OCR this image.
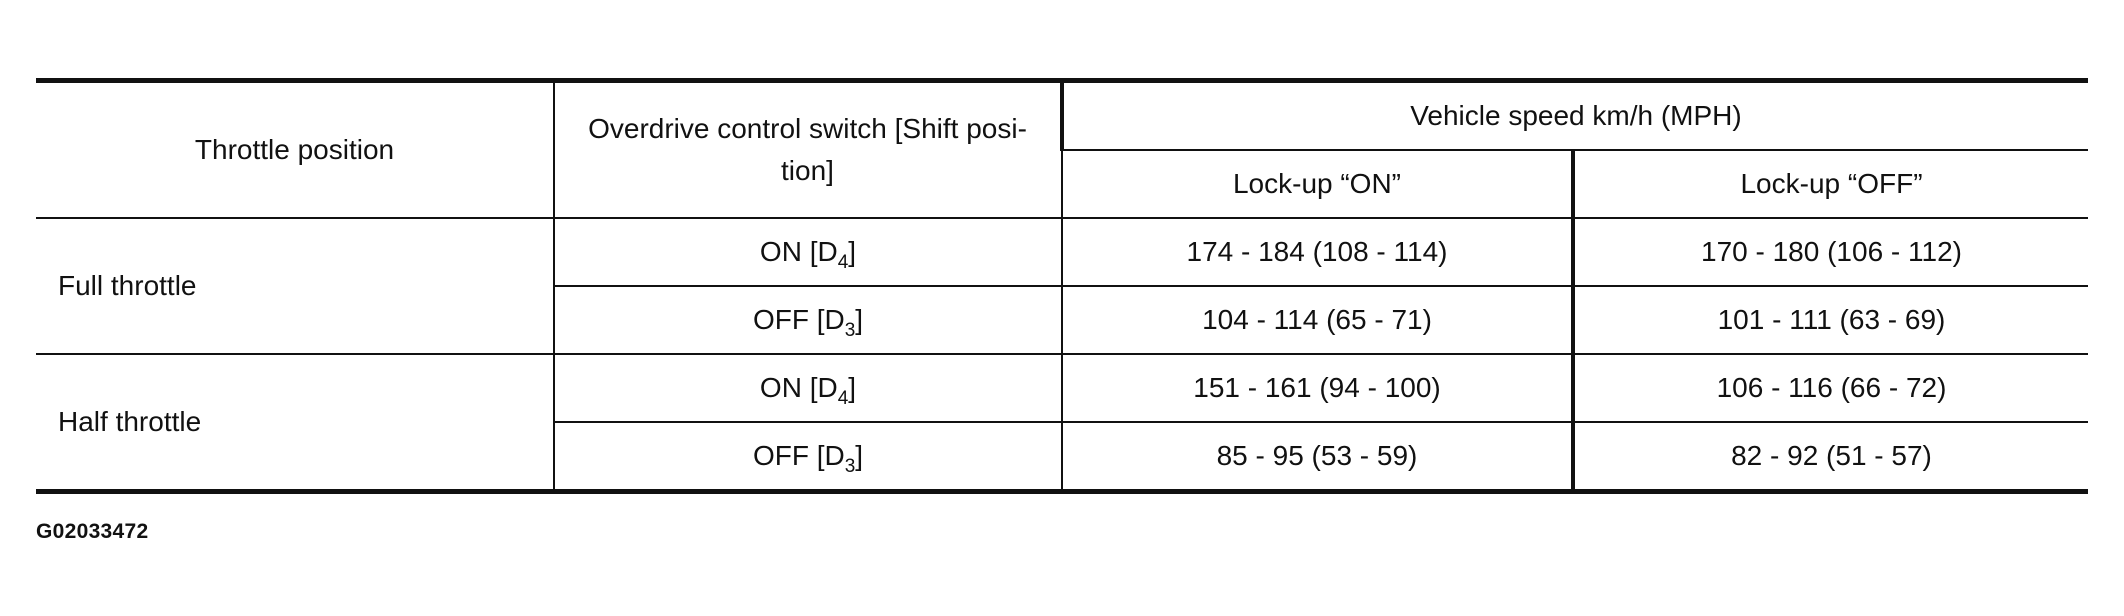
Throttle position	Overdrive control switch [Shift posi-tion]	Vehicle speed km/h (MPH)	
		Lock-up “ON”	Lock-up “OFF”
Full throttle	ON $[D_4]$	174 - 184 (108 - 114)	170 - 180 (106 - 112)
	OFF $[D_3]$	104 - 114 (65 - 71)	101 - 111 (63 - 69)
Half throttle	ON $[D_4]$	151 - 161 (94 - 100)	106 - 116 (66 - 72)
	OFF $[D_3]$	85 - 95 (53 - 59)	82 - 92 (51 - 57)
G02033472
